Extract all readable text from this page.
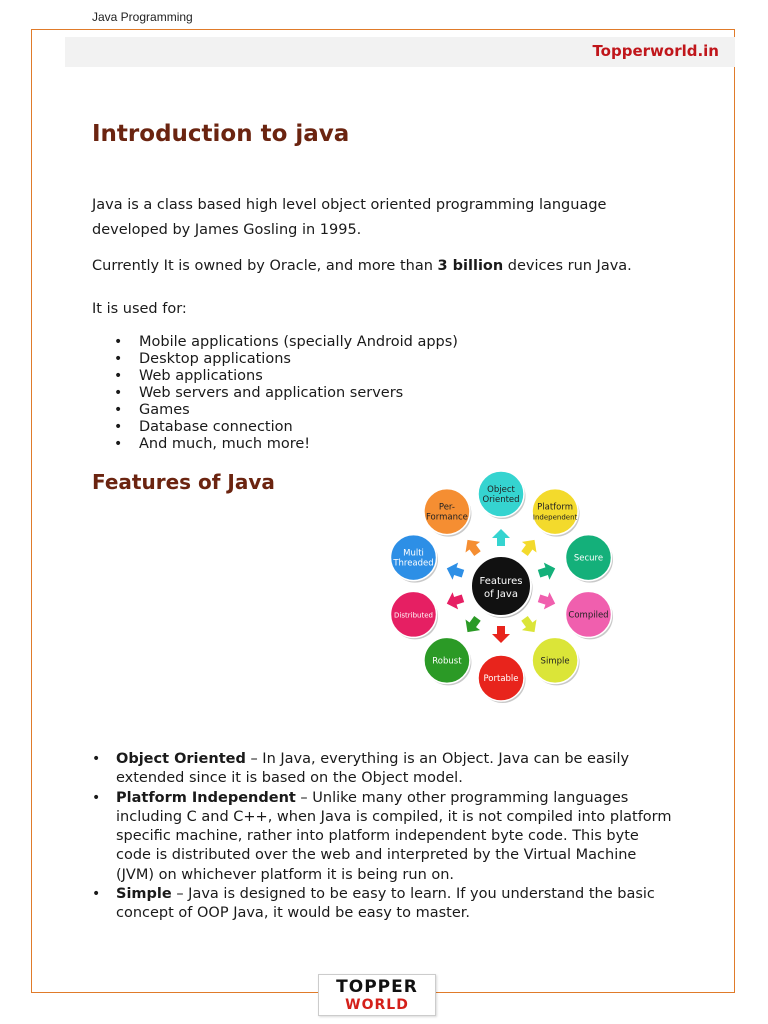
Java Programming
Topperworld.in
Introduction to java

Java is a class based high level object oriented programming language developed by James Gosling in 1995.

Currently It is owned by Oracle, and more than 3 billion devices run Java.

It is used for:

• Mobile applications (specially Android apps)
• Desktop applications
• Web applications
• Web servers and application servers
• Games
• Database connection
• And much, much more!
Features of Java	Object
Oriented
Platform
Independent
Secure
Compiled
Simple
Portable
Robust
Distributed
Multi
Threaded
Per-
Formance
Features
of Java
• Object Oriented – In Java, everything is an Object. Java can be easily extended since it is based on the Object model.
• Platform Independent – Unlike many other programming languages including C and C++, when Java is compiled, it is not compiled into platform specific machine, rather into platform independent byte code. This byte code is distributed over the web and interpreted by the Virtual Machine (JVM) on whichever platform it is being run on.
• Simple – Java is designed to be easy to learn. If you understand the basic concept of OOP Java, it would be easy to master.
TOPPER
WORLD
